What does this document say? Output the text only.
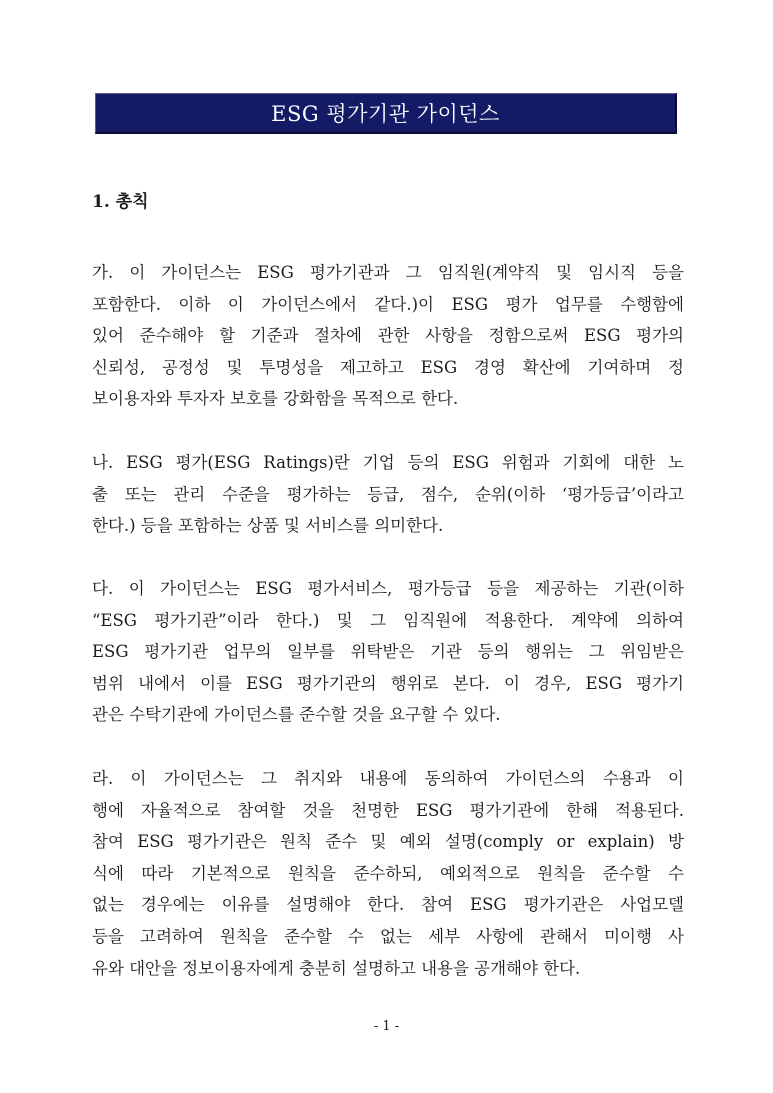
ESG 평가기관 가이던스
1. 총칙
가. 이 가이던스는 ESG 평가기관과 그 임직원(계약직 및 임시직 등을
포함한다. 이하 이 가이던스에서 같다.)이 ESG 평가 업무를 수행함에
있어 준수해야 할 기준과 절차에 관한 사항을 정함으로써 ESG 평가의
신뢰성, 공정성 및 투명성을 제고하고 ESG 경영 확산에 기여하며 정
보이용자와 투자자 보호를 강화함을 목적으로 한다.
나. ESG 평가(ESG Ratings)란 기업 등의 ESG 위험과 기회에 대한 노
출 또는 관리 수준을 평가하는 등급, 점수, 순위(이하 ‘평가등급’이라고
한다.) 등을 포함하는 상품 및 서비스를 의미한다.
다. 이 가이던스는 ESG 평가서비스, 평가등급 등을 제공하는 기관(이하
“ESG 평가기관”이라 한다.) 및 그 임직원에 적용한다. 계약에 의하여
ESG 평가기관 업무의 일부를 위탁받은 기관 등의 행위는 그 위임받은
범위 내에서 이를 ESG 평가기관의 행위로 본다. 이 경우, ESG 평가기
관은 수탁기관에 가이던스를 준수할 것을 요구할 수 있다.
라. 이 가이던스는 그 취지와 내용에 동의하여 가이던스의 수용과 이
행에 자율적으로 참여할 것을 천명한 ESG 평가기관에 한해 적용된다.
참여 ESG 평가기관은 원칙 준수 및 예외 설명(comply or explain) 방
식에 따라 기본적으로 원칙을 준수하되, 예외적으로 원칙을 준수할 수
없는 경우에는 이유를 설명해야 한다. 참여 ESG 평가기관은 사업모델
등을 고려하여 원칙을 준수할 수 없는 세부 사항에 관해서 미이행 사
유와 대안을 정보이용자에게 충분히 설명하고 내용을 공개해야 한다.
- 1 -
